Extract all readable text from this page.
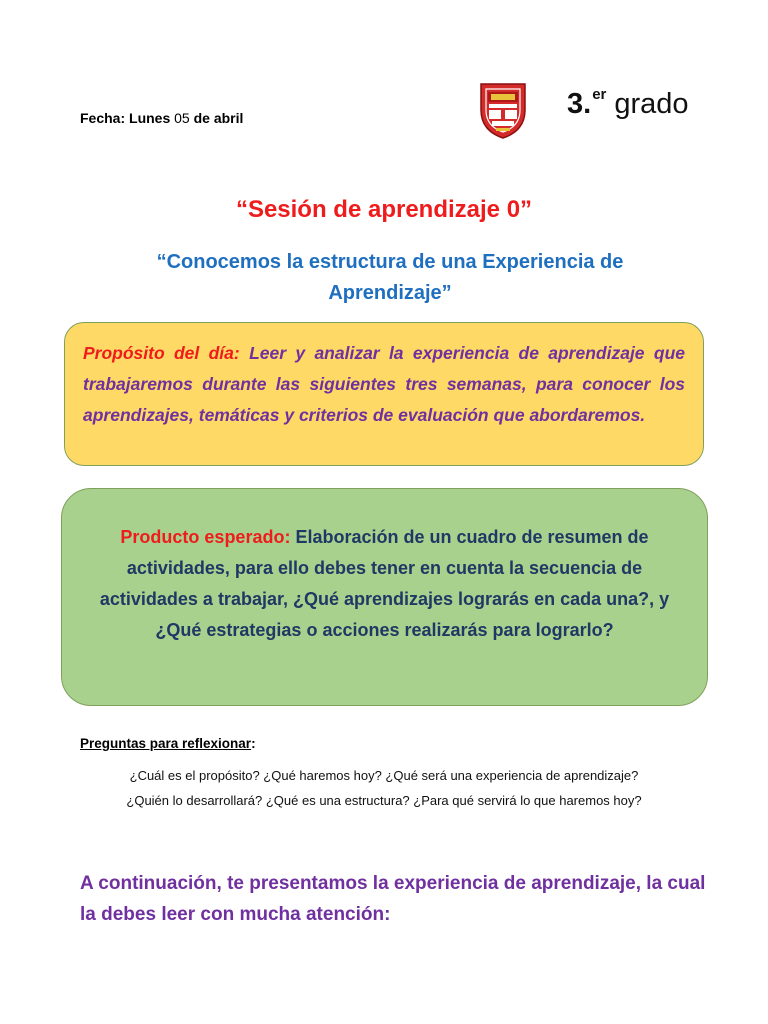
Fecha: Lunes 05 de abril	3.$^{er}$ grado
“Sesión de aprendizaje 0”
“Conocemos la estructura de una Experiencia de Aprendizaje”

Propósito del día: Leer y analizar la experiencia de aprendizaje que trabajaremos durante las siguientes tres semanas, para conocer los aprendizajes, temáticas y criterios de evaluación que abordaremos.

Producto esperado: Elaboración de un cuadro de resumen de actividades, para ello debes tener en cuenta la secuencia de actividades a trabajar, ¿Qué aprendizajes lograrás en cada una?, y ¿Qué estrategias o acciones realizarás para lograrlo?

Preguntas para reflexionar:
¿Cuál es el propósito? ¿Qué haremos hoy? ¿Qué será una experiencia de aprendizaje?
¿Quién lo desarrollará? ¿Qué es una estructura? ¿Para qué servirá lo que haremos hoy?
A continuación, te presentamos la experiencia de aprendizaje, la cual la debes leer con mucha atención:
